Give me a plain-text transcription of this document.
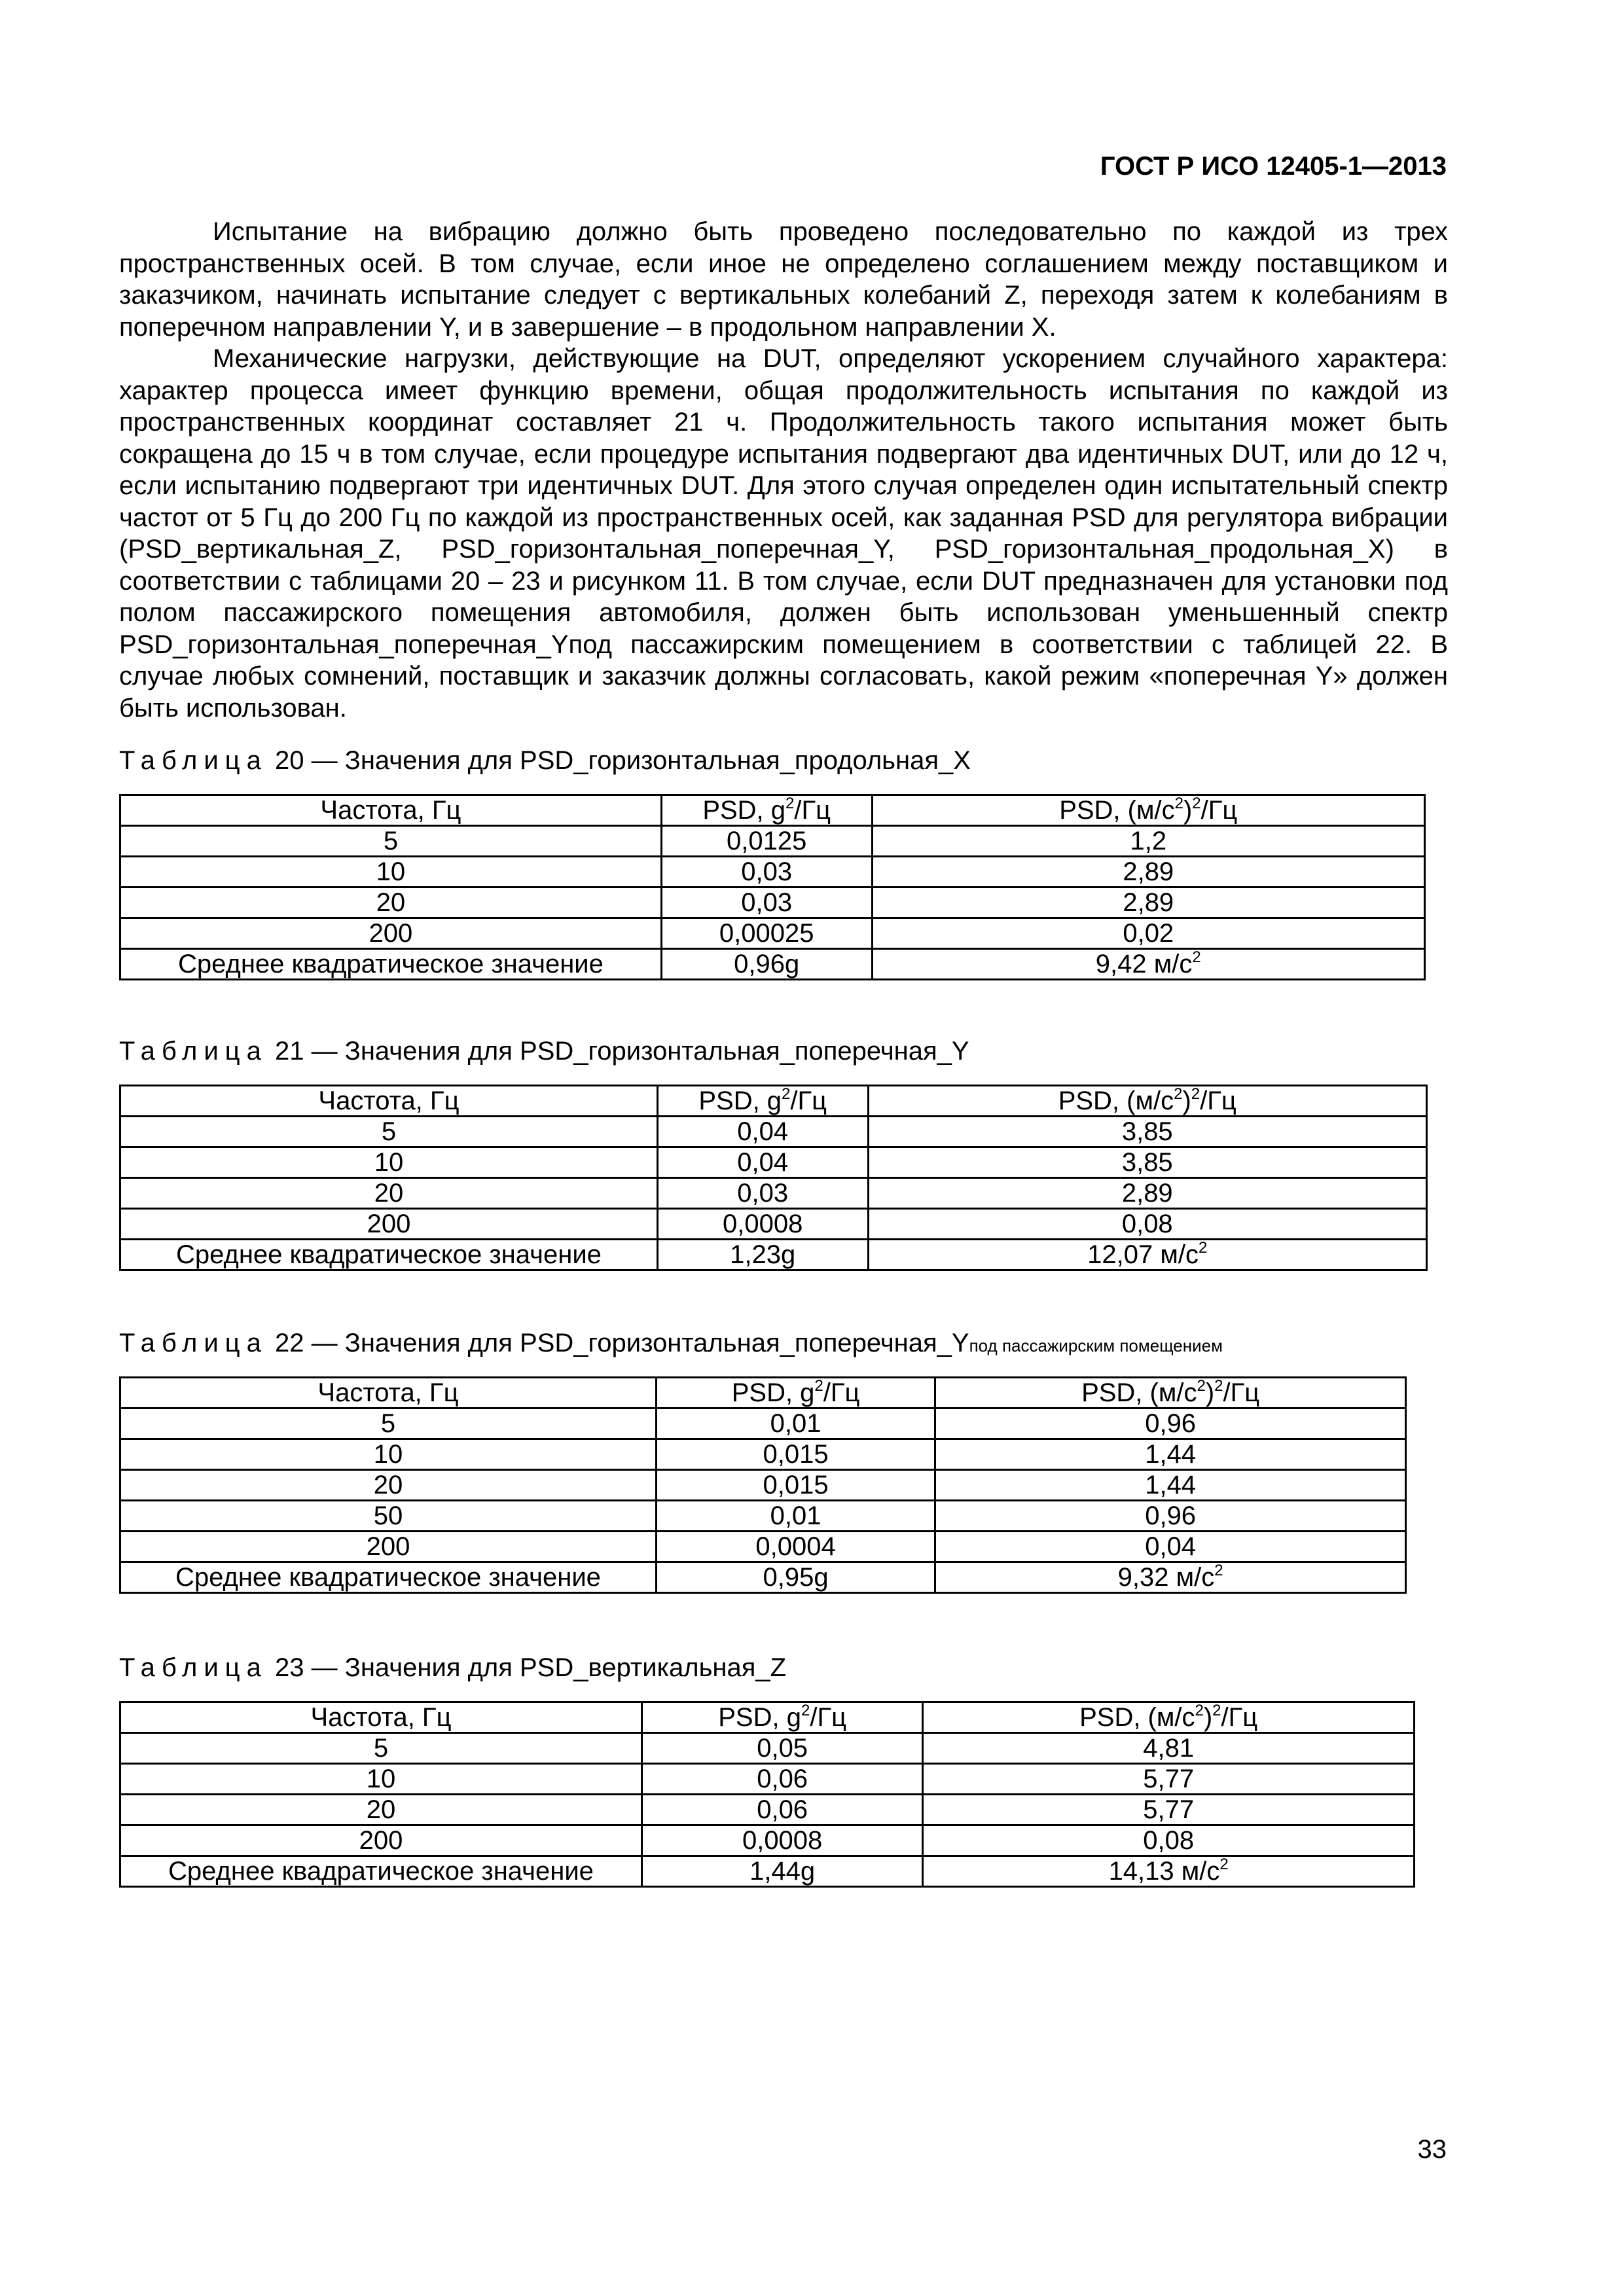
ГОСТ Р ИСО 12405-1—2013

Испытание на вибрацию должно быть проведено последовательно по каждой из трех пространственных осей. В том случае, если иное не определено соглашением между поставщиком и заказчиком, начинать испытание следует с вертикальных колебаний Z, переходя затем к колебаниям в поперечном направлении Y, и в завершение – в продольном направлении X.

Механические нагрузки, действующие на DUT, определяют ускорением случайного характера: характер процесса имеет функцию времени, общая продолжительность испытания по каждой из пространственных координат составляет 21 ч. Продолжительность такого испытания может быть сокращена до 15 ч в том случае, если процедуре испытания подвергают два идентичных DUT, или до 12 ч, если испытанию подвергают три идентичных DUT. Для этого случая определен один испытательный спектр частот от 5 Гц до 200 Гц по каждой из пространственных осей, как заданная PSD для регулятора вибрации (PSD_вертикальная_Z, PSD_горизонтальная_поперечная_Y, PSD_горизонтальная_продольная_X) в соответствии с таблицами 20 – 23 и рисунком 11. В том случае, если DUT предназначен для установки под полом пассажирского помещения автомобиля, должен быть использован уменьшенный спектр PSD_горизонтальная_поперечная_Yпод пассажирским помещением в соответствии с таблицей 22. В случае любых сомнений, поставщик и заказчик должны согласовать, какой режим «поперечная Y» должен быть использован.

Таблица 20 — Значения для PSD_горизонтальная_продольная_X
Частота, Гц	PSD, $g^2/Гц$	PSD, $(м/с^2)^2/Гц$
5	0,0125	1,2
10	0,03	2,89
20	0,03	2,89
200	0,00025	0,02
Среднее квадратическое значение	0,96g	9,42 $м/с^2$
Таблица 21 — Значения для PSD_горизонтальная_поперечная_Y
Частота, Гц	PSD, $g^2/Гц$	PSD, $(м/с^2)^2/Гц$
5	0,04	3,85
10	0,04	3,85
20	0,03	2,89
200	0,0008	0,08
Среднее квадратическое значение	1,23g	12,07 $м/с^2$
Таблица 22 — Значения для PSD_горизонтальная_поперечная_Yпод пассажирским помещением
Частота, Гц	PSD, $g^2/Гц$	PSD, $(м/с^2)^2/Гц$
5	0,01	0,96
10	0,015	1,44
20	0,015	1,44
50	0,01	0,96
200	0,0004	0,04
Среднее квадратическое значение	0,95g	9,32 $м/с^2$
Таблица 23 — Значения для PSD_вертикальная_Z
Частота, Гц	PSD, $g^2/Гц$	PSD, $(м/с^2)^2/Гц$
5	0,05	4,81
10	0,06	5,77
20	0,06	5,77
200	0,0008	0,08
Среднее квадратическое значение	1,44g	14,13 $м/с^2$
33
